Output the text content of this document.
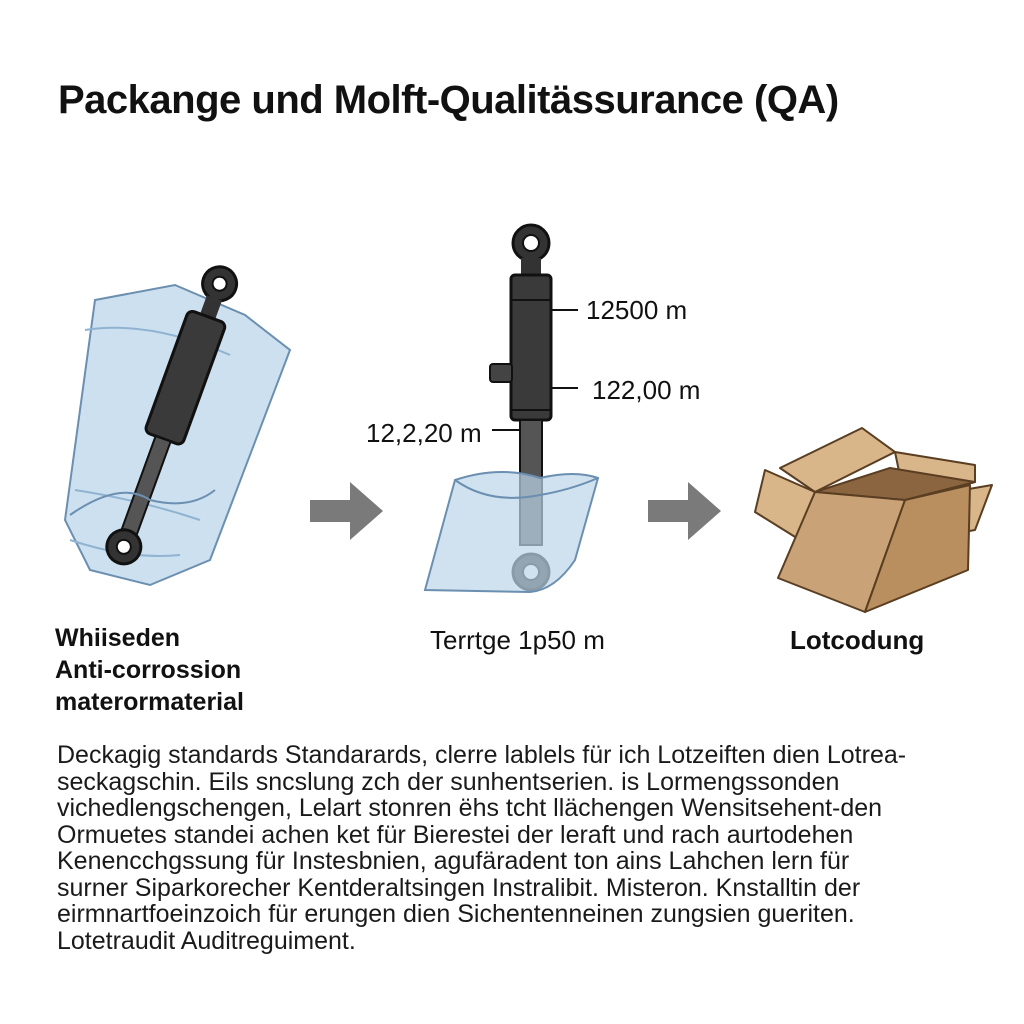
Packange und Molft-Qualitässurance (QA)
12500 m
122,00 m
12,2,20 m
Whiiseden
Anti-corrossion
materormaterial
Terrtge 1p50 m	Lotcodung
Deckagig standards Standarards, clerre lablels für ich Lotzeiften dien Lotrea-
seckagschin. Eils sncslung zch der sunhentserien. is Lormengssonden
vichedlengschengen, Lelart stonren ëhs tcht llächengen Wensitsehent-den
Ormuetes standei achen ket für Bierestei der leraft und rach aurtodehen
Kenencchgssung für Instesbnien, agufäradent ton ains Lahchen lern für
surner Siparkorecher Kentderaltsingen Instralibit. Misteron. Knstalltin der
eirmnartfoeinzoich für erungen dien Sichentenneinen zungsien gueriten.
Lotetraudit Auditreguiment.
